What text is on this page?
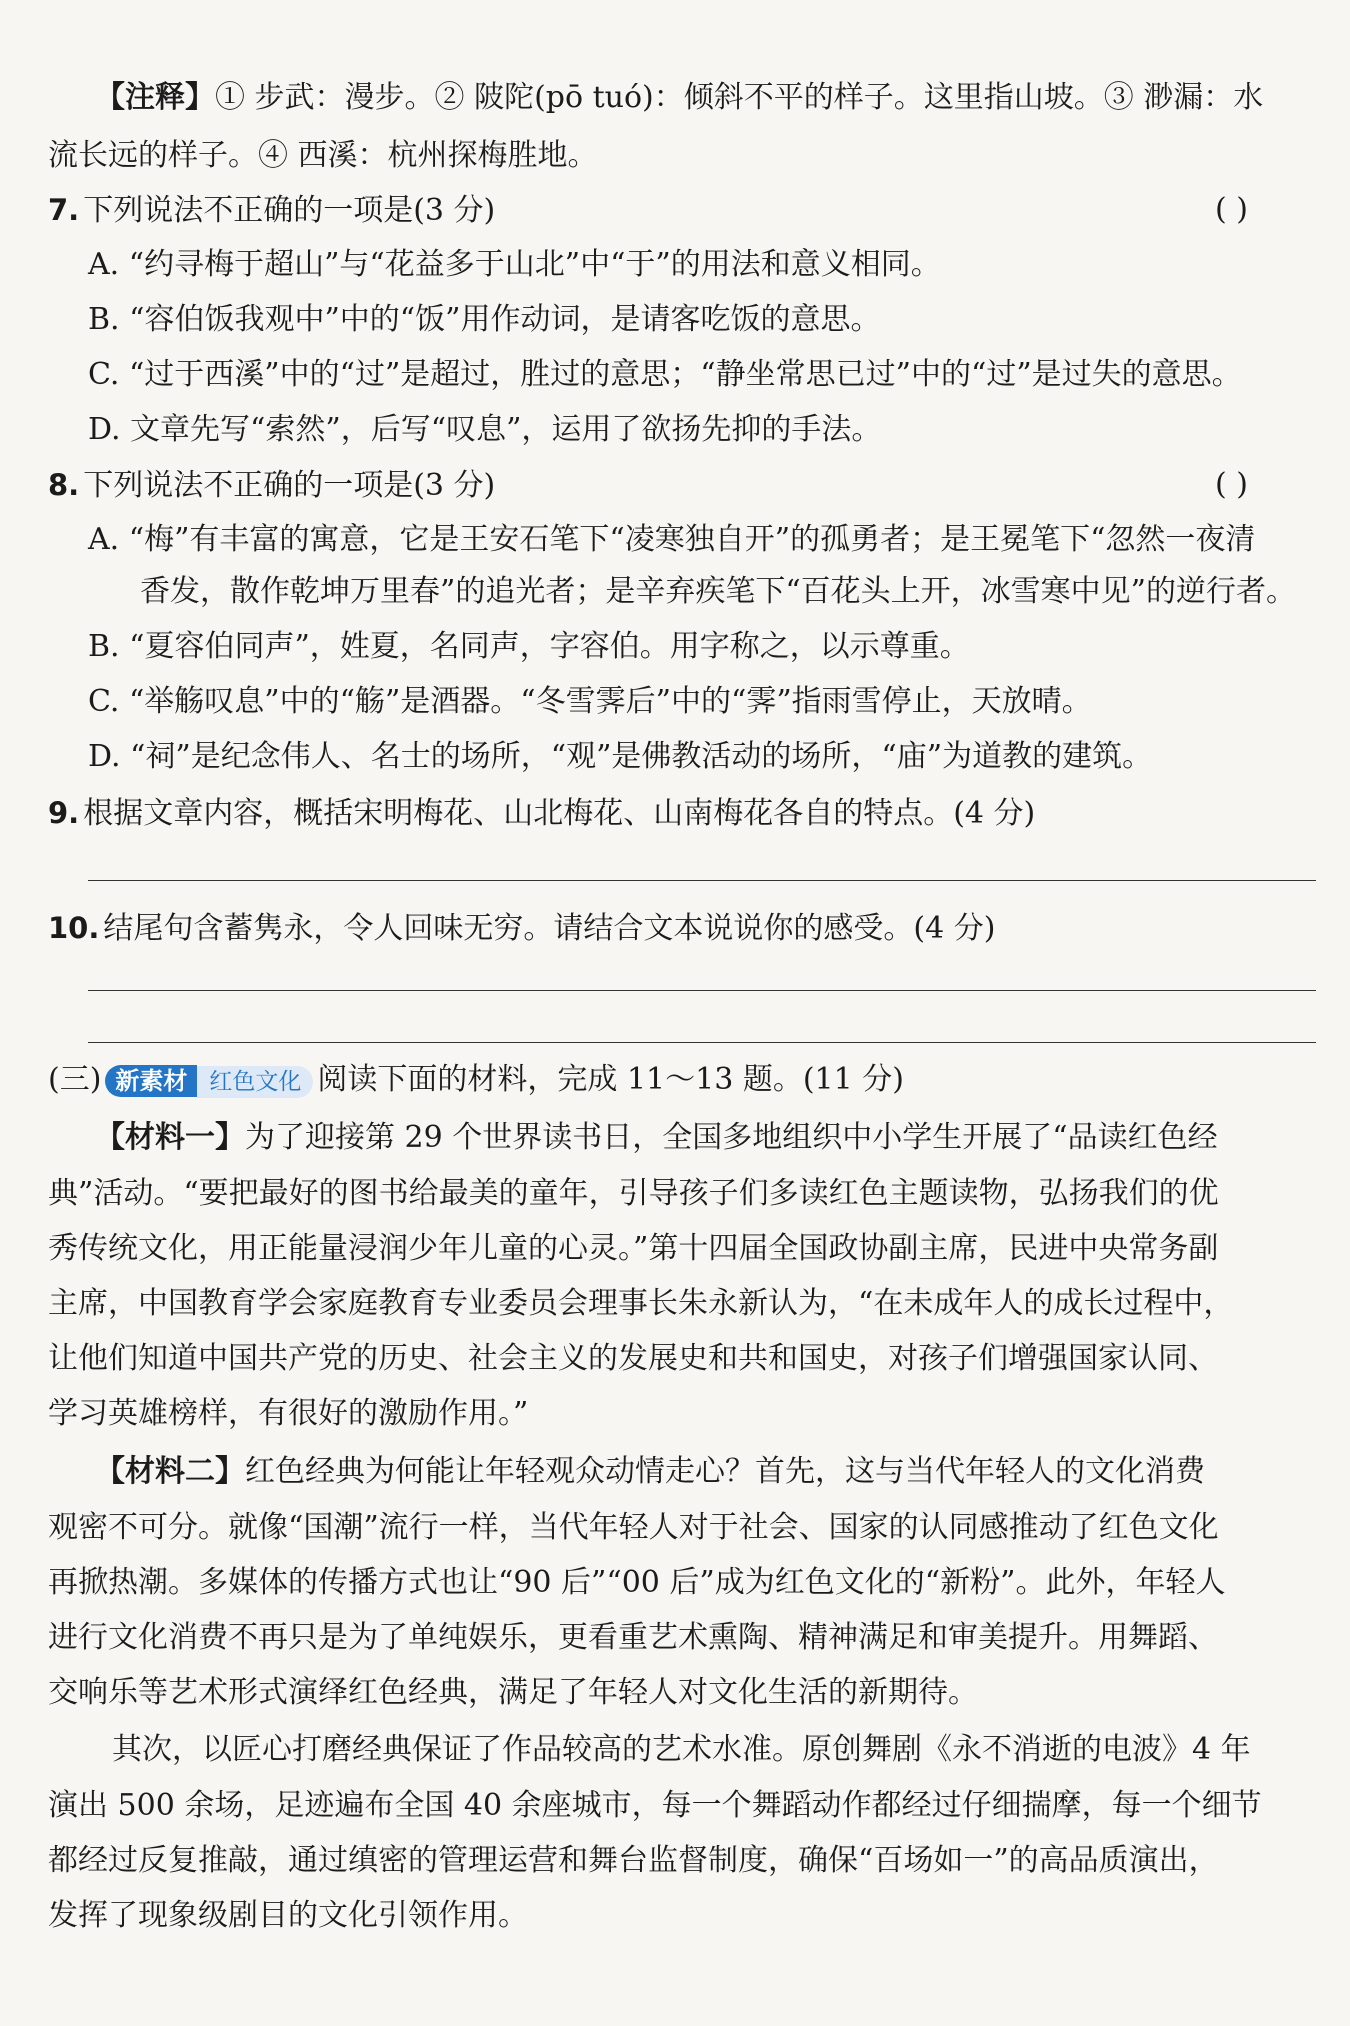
【注释】① 步武：漫步。② 陂陀(pō tuó)：倾斜不平的样子。这里指山坡。③ 渺漏：水
流长远的样子。④ 西溪：杭州探梅胜地。
7. 下列说法不正确的一项是(3 分)
A. “约寻梅于超山”与“花益多于山北”中“于”的用法和意义相同。
B. “容伯饭我观中”中的“饭”用作动词，是请客吃饭的意思。
C. “过于西溪”中的“过”是超过，胜过的意思；“静坐常思已过”中的“过”是过失的意思。
D. 文章先写“索然”，后写“叹息”，运用了欲扬先抑的手法。
8. 下列说法不正确的一项是(3 分)
A. “梅”有丰富的寓意，它是王安石笔下“凌寒独自开”的孤勇者；是王冕笔下“忽然一夜清
香发，散作乾坤万里春”的追光者；是辛弃疾笔下“百花头上开，冰雪寒中见”的逆行者。
B. “夏容伯同声”，姓夏，名同声，字容伯。用字称之，以示尊重。
C. “举觞叹息”中的“觞”是酒器。“冬雪霁后”中的“霁”指雨雪停止，天放晴。
D. “祠”是纪念伟人、名士的场所，“观”是佛教活动的场所，“庙”为道教的建筑。
9. 根据文章内容，概括宋明梅花、山北梅花、山南梅花各自的特点。(4 分)
10. 结尾句含蓄隽永，令人回味无穷。请结合文本说说你的感受。(4 分)
【材料一】为了迎接第 29 个世界读书日，全国多地组织中小学生开展了“品读红色经
典”活动。“要把最好的图书给最美的童年，引导孩子们多读红色主题读物，弘扬我们的优
秀传统文化，用正能量浸润少年儿童的心灵。”第十四届全国政协副主席，民进中央常务副
主席，中国教育学会家庭教育专业委员会理事长朱永新认为，“在未成年人的成长过程中，
让他们知道中国共产党的历史、社会主义的发展史和共和国史，对孩子们增强国家认同、
学习英雄榜样，有很好的激励作用。”
【材料二】红色经典为何能让年轻观众动情走心？首先，这与当代年轻人的文化消费
观密不可分。就像“国潮”流行一样，当代年轻人对于社会、国家的认同感推动了红色文化
再掀热潮。多媒体的传播方式也让“90 后”“00 后”成为红色文化的“新粉”。此外，年轻人
进行文化消费不再只是为了单纯娱乐，更看重艺术熏陶、精神满足和审美提升。用舞蹈、
交响乐等艺术形式演绎红色经典，满足了年轻人对文化生活的新期待。
其次，以匠心打磨经典保证了作品较高的艺术水准。原创舞剧《永不消逝的电波》4 年
演出 500 余场，足迹遍布全国 40 余座城市，每一个舞蹈动作都经过仔细揣摩，每一个细节
都经过反复推敲，通过缜密的管理运营和舞台监督制度，确保“百场如一”的高品质演出，
发挥了现象级剧目的文化引领作用。
( )
( )
(三) 新素材 红色文化 阅读下面的材料，完成 11～13 题。(11 分)
